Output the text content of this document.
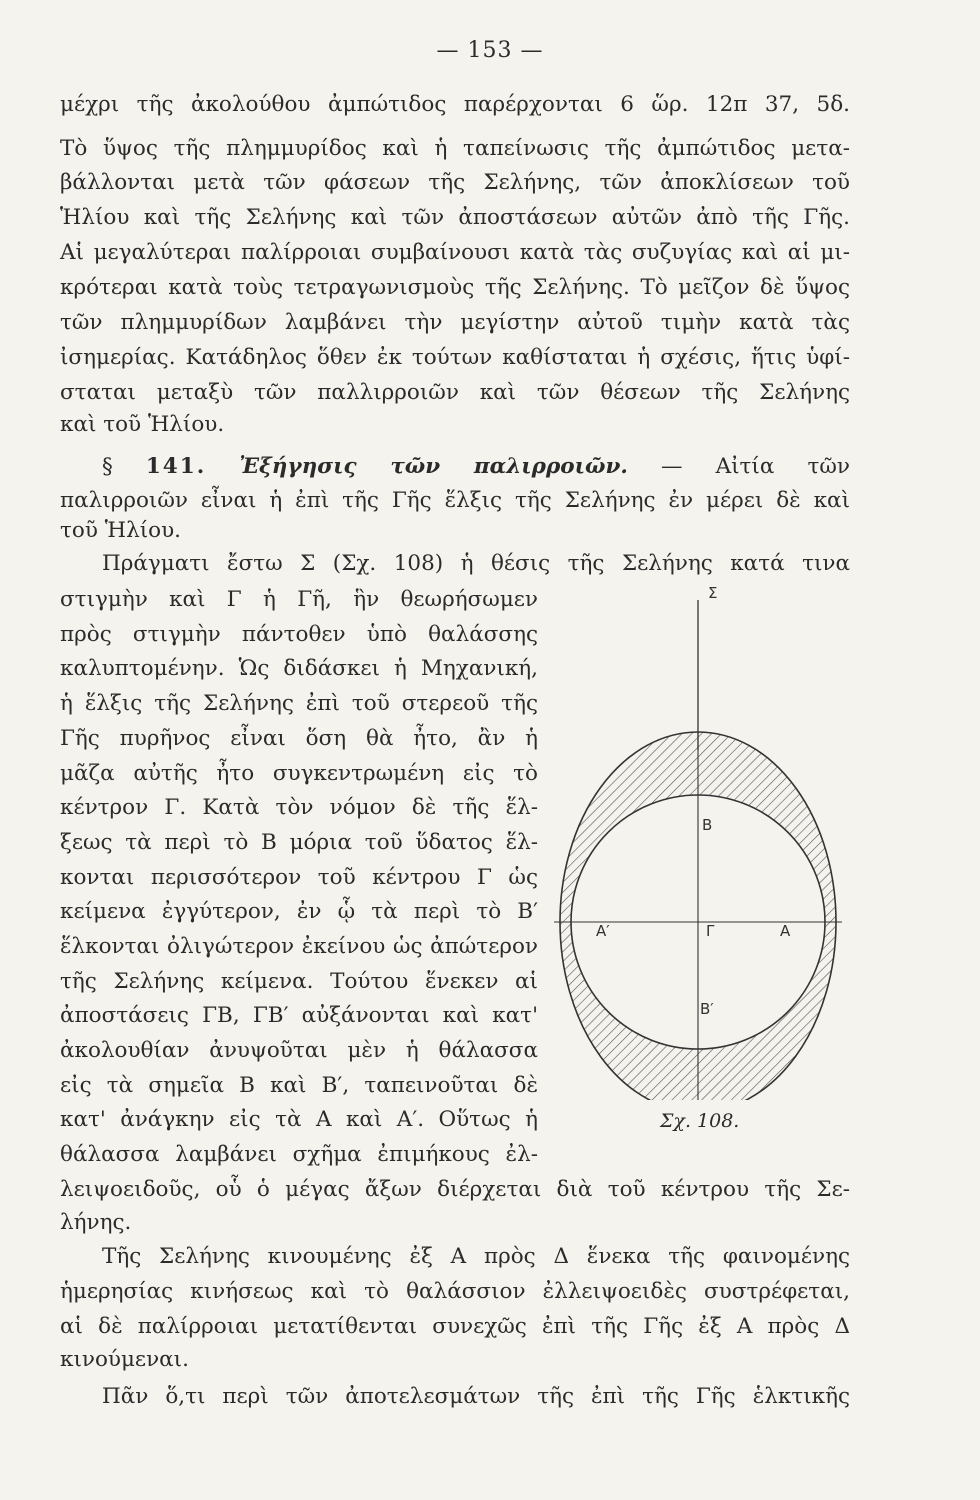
— 153 —
μέχρι τῆς ἀκολούθου ἀμπώτιδος παρέρχονται 6 ὥρ. 12π 37, 5δ.
Τὸ ὕψος τῆς πλημμυρίδος καὶ ἡ ταπείνωσις τῆς ἀμπώτιδος μετα-
βάλλονται μετὰ τῶν φάσεων τῆς Σελήνης, τῶν ἀποκλίσεων τοῦ
Ἡλίου καὶ τῆς Σελήνης καὶ τῶν ἀποστάσεων αὐτῶν ἀπὸ τῆς Γῆς.
Αἱ μεγαλύτεραι παλίρροιαι συμβαίνουσι κατὰ τὰς συζυγίας καὶ αἱ μι-
κρότεραι κατὰ τοὺς τετραγωνισμοὺς τῆς Σελήνης. Τὸ μεῖζον δὲ ὕψος
τῶν πλημμυρίδων λαμβάνει τὴν μεγίστην αὐτοῦ τιμὴν κατὰ τὰς
ἰσημερίας. Κατάδηλος ὅθεν ἐκ τούτων καθίσταται ἡ σχέσις, ἥτις ὑφί-
σταται μεταξὺ τῶν παλλιρροιῶν καὶ τῶν θέσεων τῆς Σελήνης
καὶ τοῦ Ἡλίου.
§ 141. Ἐξήγησις τῶν παλιρροιῶν. — Αἰτία τῶν
παλιρροιῶν εἶναι ἡ ἐπὶ τῆς Γῆς ἕλξις τῆς Σελήνης ἐν μέρει δὲ καὶ
τοῦ Ἡλίου.
Πράγματι ἔστω Σ (Σχ. 108) ἡ θέσις τῆς Σελήνης κατά τινα
στιγμὴν καὶ Γ ἡ Γῆ, ἣν θεωρήσωμεν
πρὸς στιγμὴν πάντοθεν ὑπὸ θαλάσσης
καλυπτομένην. Ὡς διδάσκει ἡ Μηχανική,
ἡ ἕλξις τῆς Σελήνης ἐπὶ τοῦ στερεοῦ τῆς
Γῆς πυρῆνος εἶναι ὅση θὰ ἦτο, ἂν ἡ
μᾶζα αὐτῆς ἦτο συγκεντρωμένη εἰς τὸ
κέντρον Γ. Κατὰ τὸν νόμον δὲ τῆς ἕλ-
ξεως τὰ περὶ τὸ Β μόρια τοῦ ὕδατος ἕλ-
κονται περισσότερον τοῦ κέντρου Γ ὡς
κείμενα ἐγγύτερον, ἐν ᾧ τὰ περὶ τὸ Β′
ἕλκονται ὀλιγώτερον ἐκείνου ὡς ἀπώτερον
τῆς Σελήνης κείμενα. Τούτου ἕνεκεν αἱ
ἀποστάσεις ΓΒ, ΓΒ′ αὐξάνονται καὶ κατ'
ἀκολουθίαν ἀνυψοῦται μὲν ἡ θάλασσα
εἰς τὰ σημεῖα Β καὶ Β′, ταπεινοῦται δὲ
κατ' ἀνάγκην εἰς τὰ Α καὶ Α′. Οὕτως ἡ
θάλασσα λαμβάνει σχῆμα ἐπιμήκους ἐλ-
λειψοειδοῦς, οὗ ὁ μέγας ἄξων διέρχεται διὰ τοῦ κέντρου τῆς Σε-
λήνης.
Τῆς Σελήνης κινουμένης ἐξ Α πρὸς Δ ἕνεκα τῆς φαινομένης
ἡμερησίας κινήσεως καὶ τὸ θαλάσσιον ἐλλειψοειδὲς συστρέφεται,
αἱ δὲ παλίρροιαι μετατίθενται συνεχῶς ἐπὶ τῆς Γῆς ἐξ Α πρὸς Δ
κινούμεναι.
Πᾶν ὅ,τι περὶ τῶν ἀποτελεσμάτων τῆς ἐπὶ τῆς Γῆς ἑλκτικῆς
Σ
Β
Α′	Γ	Α
Β′
Σχ. 108.
